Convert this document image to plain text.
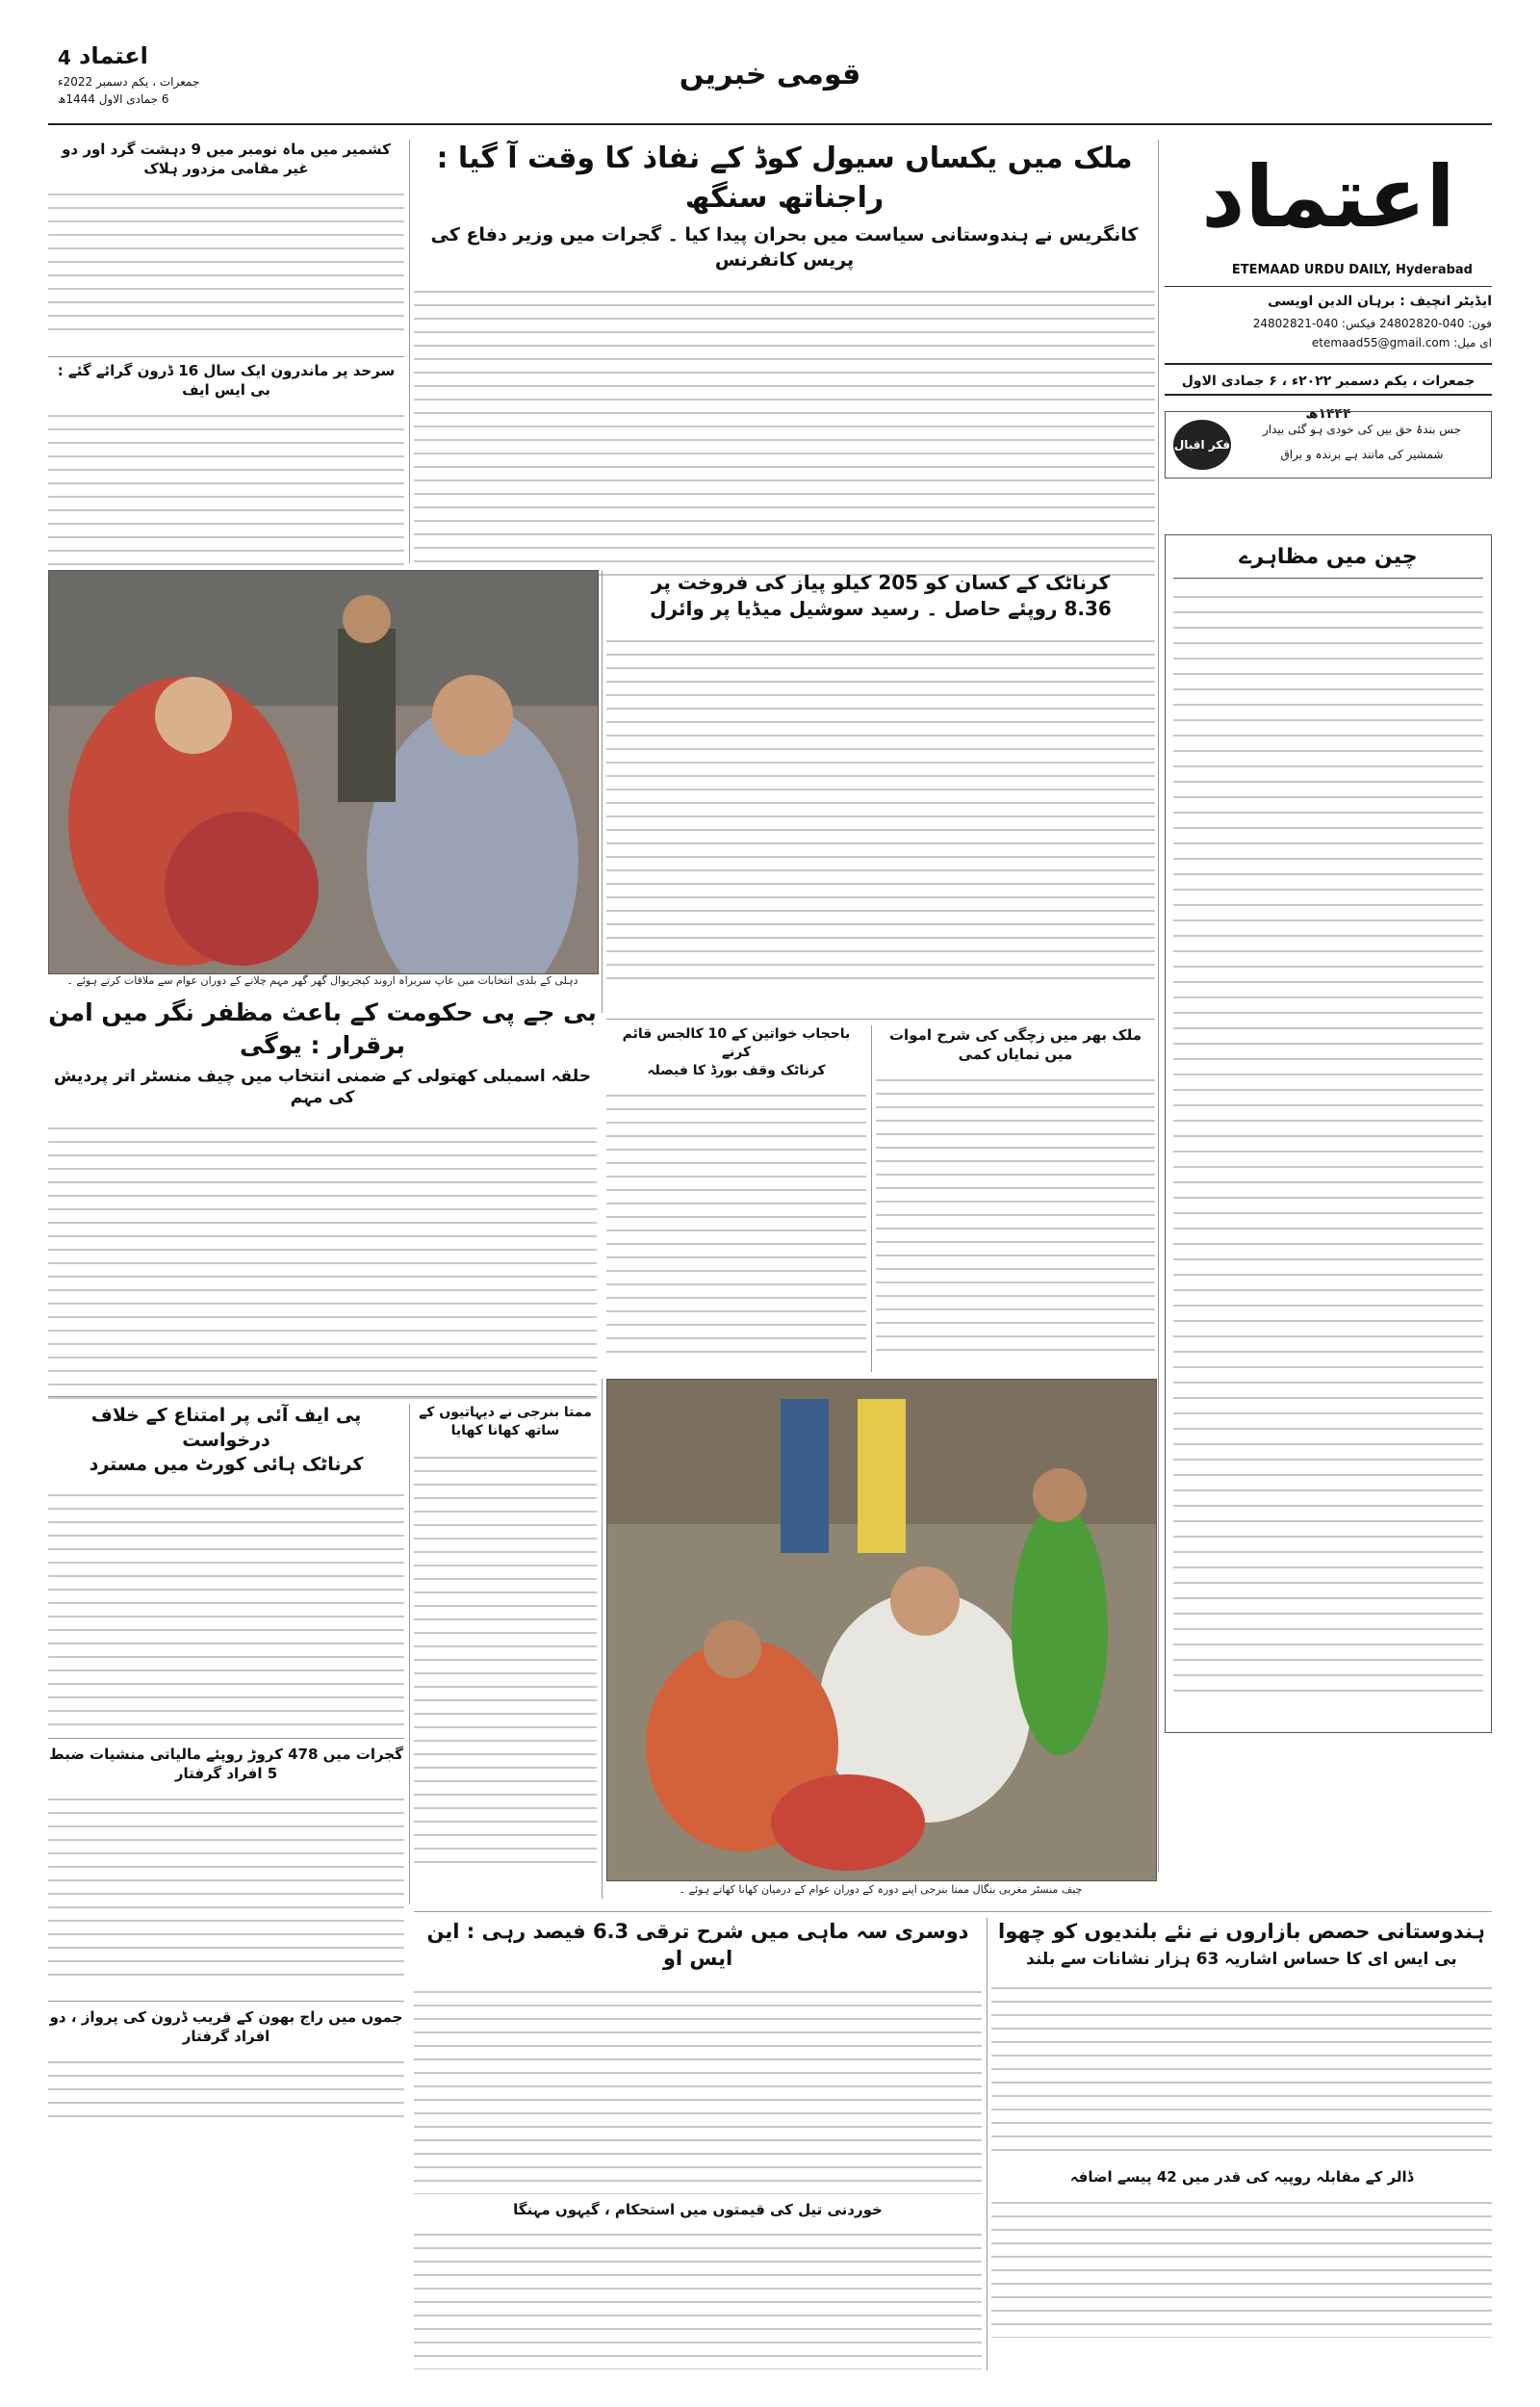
4 اعتماد
جمعرات ، یکم دسمبر 2022ء
6 جمادی الاول 1444ھ
قومی خبریں
اعتماد
ETEMAAD URDU DAILY, Hyderabad
ایڈیٹر انچیف : برہان الدین اویسی
فون: 040-24802820 فیکس: 040-24802821
ای میل: etemaad55@gmail.com
جمعرات ، یکم دسمبر ۲۰۲۲ء ، ۶ جمادی الاول ۱۴۴۴ھ
فکر اقبال
جس بندۂ حق بیں کی خودی ہو گئی بیدار
شمشیر کی مانند ہے برندہ و براق
چین میں مظاہرے
کشمیر میں ماہ نومبر میں 9 دہشت گرد اور دو غیر مقامی مزدور ہلاک
سرحد پر ماندرون ایک سال 16 ڈرون گرائے گئے : بی ایس ایف
ملک میں یکساں سیول کوڈ کے نفاذ کا وقت آ گیا : راجناتھ سنگھ
کانگریس نے ہندوستانی سیاست میں بحران پیدا کیا ۔ گجرات میں وزیر دفاع کی پریس کانفرنس
دہلی کے بلدی انتخابات میں عاپ سربراہ اروند کیجریوال گھر گھر مہم چلانے کے دوران عوام سے ملاقات کرتے ہوئے ۔
کرناٹک کے کسان کو 205 کیلو پیاز کی فروخت پر
8.36 روپئے حاصل ۔ رسید سوشیل میڈیا پر وائرل
ملک بھر میں زچگی کی شرح اموات میں نمایاں کمی
باحجاب خواتین کے 10 کالجس قائم کرنے
کرناٹک وقف بورڈ کا فیصلہ
بی جے پی حکومت کے باعث مظفر نگر میں امن برقرار : یوگی
حلقہ اسمبلی کھتولی کے ضمنی انتخاب میں چیف منسٹر اتر پردیش کی مہم
ممتا بنرجی نے دیہاتیوں کے
ساتھ کھانا کھایا
چیف منسٹر مغربی بنگال ممتا بنرجی اپنے دورہ کے دوران عوام کے درمیان کھانا کھاتے ہوئے ۔
پی ایف آئی پر امتناع کے خلاف درخواست
کرناٹک ہائی کورٹ میں مسترد
گجرات میں 478 کروڑ روپئے مالیاتی منشیات ضبط 5 افراد گرفتار
جموں میں راج بھون کے قریب ڈرون کی پرواز ، دو افراد گرفتار
دوسری سہ ماہی میں شرح ترقی 6.3 فیصد رہی : این ایس او
خوردنی تیل کی قیمتوں میں استحکام ، گیہوں مہنگا
ہندوستانی حصص بازاروں نے نئے بلندیوں کو چھوا
بی ایس ای کا حساس اشاریہ 63 ہزار نشانات سے بلند
ڈالر کے مقابلہ روپیہ کی قدر میں 42 پیسے اضافہ
